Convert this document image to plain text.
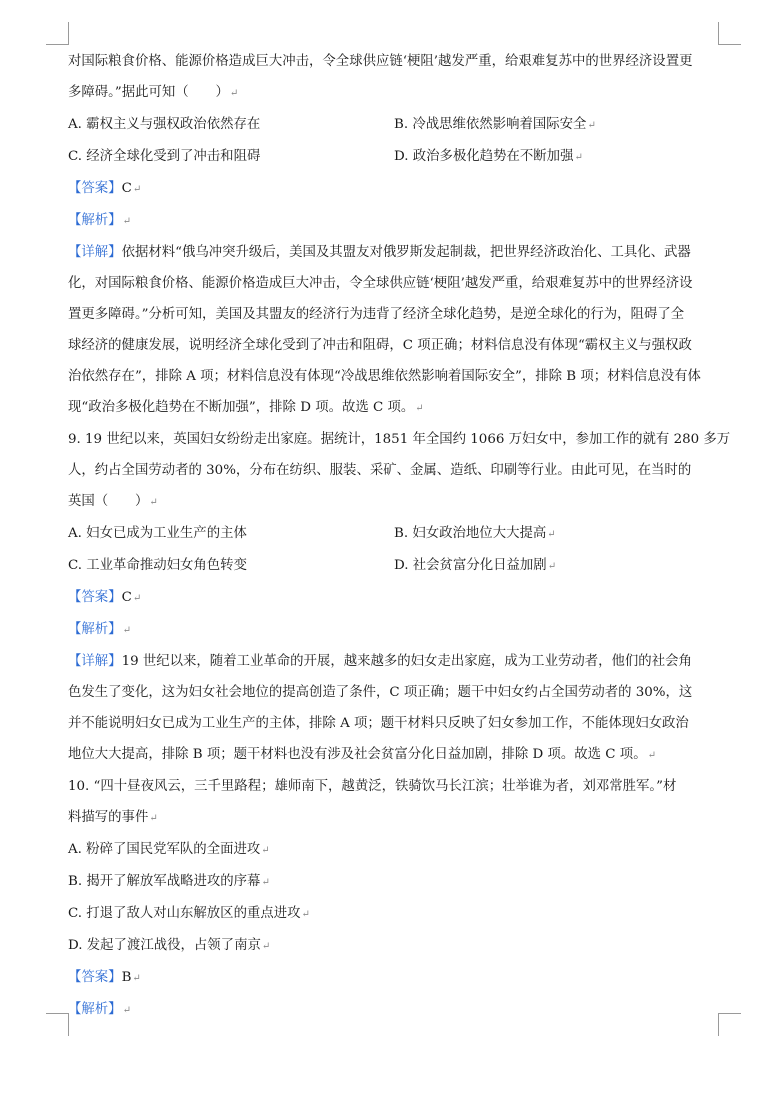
对国际粮食价格、能源价格造成巨大冲击，令全球供应链‘梗阻’越发严重，给艰难复苏中的世界经济设置更
多障碍。”据此可知（　　）↵
A. 霸权主义与强权政治依然存在	B. 冷战思维依然影响着国际安全↵
C. 经济全球化受到了冲击和阻碍	D. 政治多极化趋势在不断加强↵
【答案】C↵
【解析】↵
【详解】依据材料“俄乌冲突升级后，美国及其盟友对俄罗斯发起制裁，把世界经济政治化、工具化、武器
化，对国际粮食价格、能源价格造成巨大冲击，令全球供应链‘梗阻’越发严重，给艰难复苏中的世界经济设
置更多障碍。”分析可知，美国及其盟友的经济行为违背了经济全球化趋势，是逆全球化的行为，阻碍了全
球经济的健康发展，说明经济全球化受到了冲击和阻碍，C 项正确；材料信息没有体现“霸权主义与强权政
治依然存在”，排除 A 项；材料信息没有体现“冷战思维依然影响着国际安全”，排除 B 项；材料信息没有体
现“政治多极化趋势在不断加强”，排除 D 项。故选 C 项。↵
9. 19 世纪以来，英国妇女纷纷走出家庭。据统计，1851 年全国约 1066 万妇女中，参加工作的就有 280 多万
人，约占全国劳动者的 30%，分布在纺织、服装、采矿、金属、造纸、印刷等行业。由此可见，在当时的
英国（　　）↵
A. 妇女已成为工业生产的主体	B. 妇女政治地位大大提高↵
C. 工业革命推动妇女角色转变	D. 社会贫富分化日益加剧↵
【答案】C↵
【解析】↵
【详解】19 世纪以来，随着工业革命的开展，越来越多的妇女走出家庭，成为工业劳动者，他们的社会角
色发生了变化，这为妇女社会地位的提高创造了条件，C 项正确；题干中妇女约占全国劳动者的 30%，这
并不能说明妇女已成为工业生产的主体，排除 A 项；题干材料只反映了妇女参加工作，不能体现妇女政治
地位大大提高，排除 B 项；题干材料也没有涉及社会贫富分化日益加剧，排除 D 项。故选 C 项。↵
10. “四十昼夜风云，三千里路程；雄师南下，越黄泛，铁骑饮马长江滨；壮举谁为者，刘邓常胜军。”材
料描写的事件↵
A. 粉碎了国民党军队的全面进攻↵
B. 揭开了解放军战略进攻的序幕↵
C. 打退了敌人对山东解放区的重点进攻↵
D. 发起了渡江战役，占领了南京↵
【答案】B↵
【解析】↵
